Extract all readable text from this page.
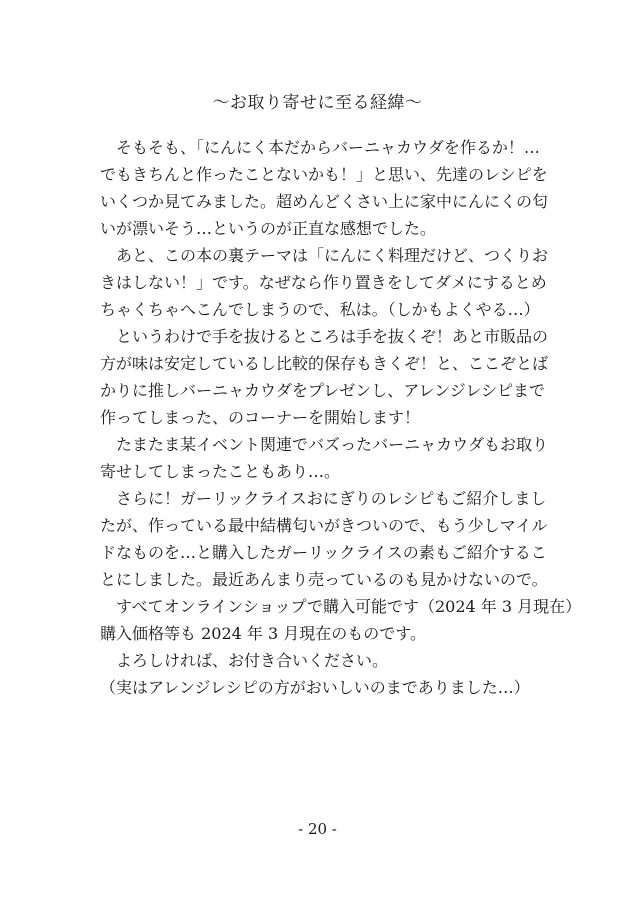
～お取り寄せに至る経緯～
　そもそも、「にんにく本だからバーニャカウダを作るか！…
でもきちんと作ったことないかも！」と思い、先達のレシピを
いくつか見てみました。超めんどくさい上に家中にんにくの匂
いが漂いそう…というのが正直な感想でした。
　あと、この本の裏テーマは「にんにく料理だけど、つくりお
きはしない！」です。なぜなら作り置きをしてダメにするとめ
ちゃくちゃへこんでしまうので、私は。（しかもよくやる…）
　というわけで手を抜けるところは手を抜くぞ！あと市販品の
方が味は安定しているし比較的保存もきくぞ！と、ここぞとば
かりに推しバーニャカウダをプレゼンし、アレンジレシピまで
作ってしまった、のコーナーを開始します！
　たまたま某イベント関連でバズったバーニャカウダもお取り
寄せしてしまったこともあり…。
　さらに！ガーリックライスおにぎりのレシピもご紹介しまし
たが、作っている最中結構匂いがきついので、もう少しマイル
ドなものを…と購入したガーリックライスの素もご紹介するこ
とにしました。最近あんまり売っているのも見かけないので。
　すべてオンラインショップで購入可能です（2024 年 3 月現在）
購入価格等も 2024 年 3 月現在のものです。
　よろしければ、お付き合いください。
（実はアレンジレシピの方がおいしいのまでありました…）
- 20 -
